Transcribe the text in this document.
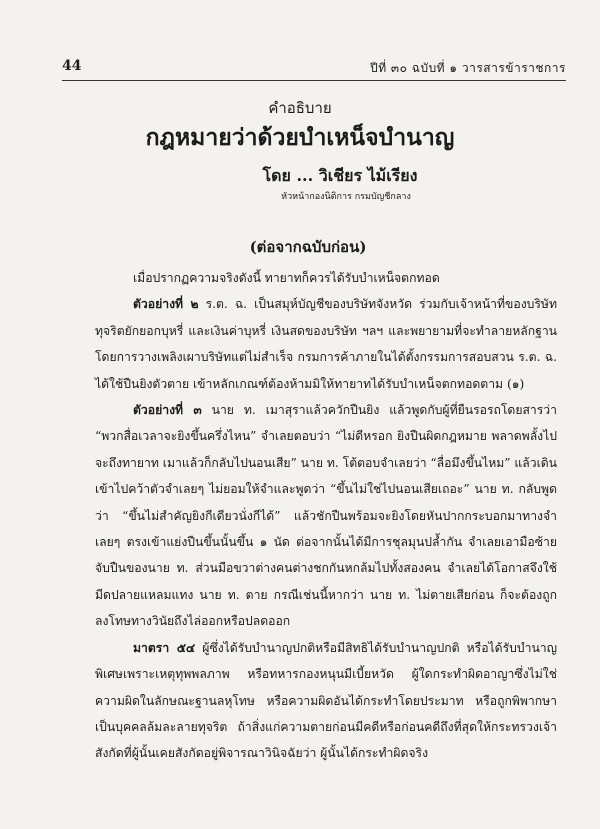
44	ปีที่ ๓๐ ฉบับที่ ๑ วารสารข้าราชการ
คำอธิบาย
กฎหมายว่าด้วยบำเหน็จบำนาญ
โดย ... วิเชียร ไม้เรียง
หัวหน้ากองนิติการ กรมบัญชีกลาง
(ต่อจากฉบับก่อน)

เมื่อปรากฏความจริงดังนี้ ทายาทก็ควรได้รับบำเหน็จตกทอด

ตัวอย่างที่ ๒ ร.ต. ฉ. เป็นสมุห์บัญชีของบริษัทจังหวัด ร่วมกับเจ้าหน้าที่ของบริษัททุจริตยักยอกบุหรี่ และเงินค่าบุหรี่ เงินสดของบริษัท ฯลฯ และพยายามที่จะทำลายหลักฐานโดยการวางเพลิงเผาบริษัทแต่ไม่สำเร็จ กรมการค้าภายในได้ตั้งกรรมการสอบสวน ร.ต. ฉ. ได้ใช้ปืนยิงตัวตาย เข้าหลักเกณฑ์ต้องห้ามมิให้ทายาทได้รับบำเหน็จตกทอดตาม (๑)

ตัวอย่างที่ ๓ นาย ท. เมาสุราแล้วควักปืนยิง แล้วพูดกับผู้ที่ยืนรอรถโดยสารว่า “พวกสื่อเวลาจะยิงขึ้นครึ่งไหน” จำเลยตอบว่า “ไม่ดีหรอก ยิงปืนผิดกฎหมาย พลาดพลั้งไปจะถึงทายาท เมาแล้วก็กลับไปนอนเสีย” นาย ท. โต้ตอบจำเลยว่า “ลื่อมึงขึ้นไหม” แล้วเดินเข้าไปคว้าตัวจำเลยๆ ไม่ยอมให้จำและพูดว่า “ขึ้นไม่ใช่ไปนอนเสียเถอะ” นาย ท. กลับพูดว่า “ขึ้นไม่สำคัญยิงกีเดียวนั่งกีได้” แล้วชักปืนพร้อมจะยิงโดยหันปากกระบอกมาทางจำเลยๆ ตรงเข้าแย่งปืนขึ้นนั้นขึ้น ๑ นัด ต่อจากนั้นได้มีการชุลมุนปล้ำกัน จำเลยเอามือซ้ายจับปืนของนาย ท. ส่วนมือขวาต่างคนต่างชกกันหกล้มไปทั้งสองคน จำเลยได้โอกาสจึงใช้มีดปลายแหลมแทง นาย ท. ตาย กรณีเช่นนี้หากว่า นาย ท. ไม่ตายเสียก่อน ก็จะต้องถูกลงโทษทางวินัยถึงไล่ออกหรือปลดออก

มาตรา ๕๔ ผู้ซึ่งได้รับบำนาญปกติหรือมีสิทธิได้รับบำนาญปกติ หรือได้รับบำนาญพิเศษเพราะเหตุทุพพลภาพ หรือทหารกองหนุนมีเบี้ยหวัด ผู้ใดกระทำผิดอาญาซึ่งไม่ใช่ความผิดในลักษณะฐานลหุโทษ หรือความผิดอันได้กระทำโดยประมาท หรือถูกพิพากษาเป็นบุคคลล้มละลายทุจริต ถ้าสิ่งแก่ความตายก่อนมีคดีหรือก่อนคดีถึงที่สุดให้กระทรวงเจ้าสังกัดที่ผู้นั้นเคยสังกัดอยู่พิจารณาวินิจฉัยว่า ผู้นั้นได้กระทำผิดจริง
